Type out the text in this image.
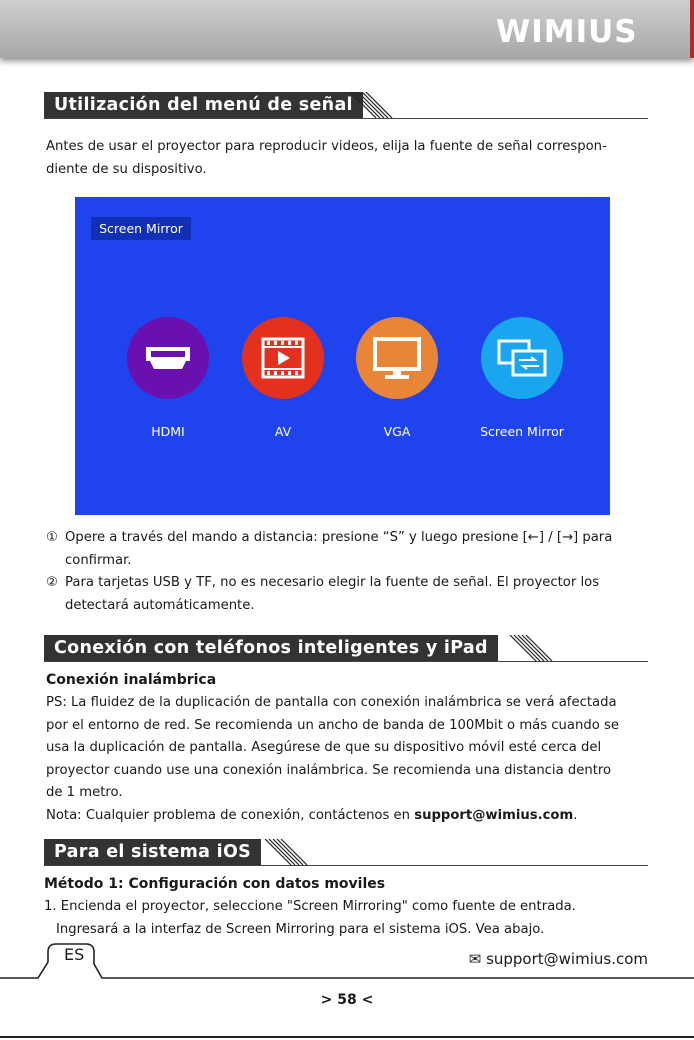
WIMIUS
Utilización del menú de señal

Antes de usar el proyector para reproducir videos, elija la fuente de señal correspon-
diente de su dispositivo.

Screen Mirror
HDMI	AV	VGA	Screen Mirror
① Opere a través del mando a distancia: presione “S” y luego presione [←] / [→] para
confirmar.
② Para tarjetas USB y TF, no es necesario elegir la fuente de señal. El proyector los
detectará automáticamente.
Conexión con teléfonos inteligentes y iPad
Conexión inalámbrica

PS: La fluidez de la duplicación de pantalla con conexión inalámbrica se verá afectada
por el entorno de red. Se recomienda un ancho de banda de 100Mbit o más cuando se
usa la duplicación de pantalla. Asegúrese de que su dispositivo móvil esté cerca del
proyector cuando use una conexión inalámbrica. Se recomienda una distancia dentro
de 1 metro.
Nota: Cualquier problema de conexión, contáctenos en support@wimius.com.

Para el sistema iOS
Método 1: Configuración con datos moviles

1. Encienda el proyector, seleccione "Screen Mirroring" como fuente de entrada.
Ingresará a la interfaz de Screen Mirroring para el sistema iOS. Vea abajo.

ES	✉ support@wimius.com
> 58 <
